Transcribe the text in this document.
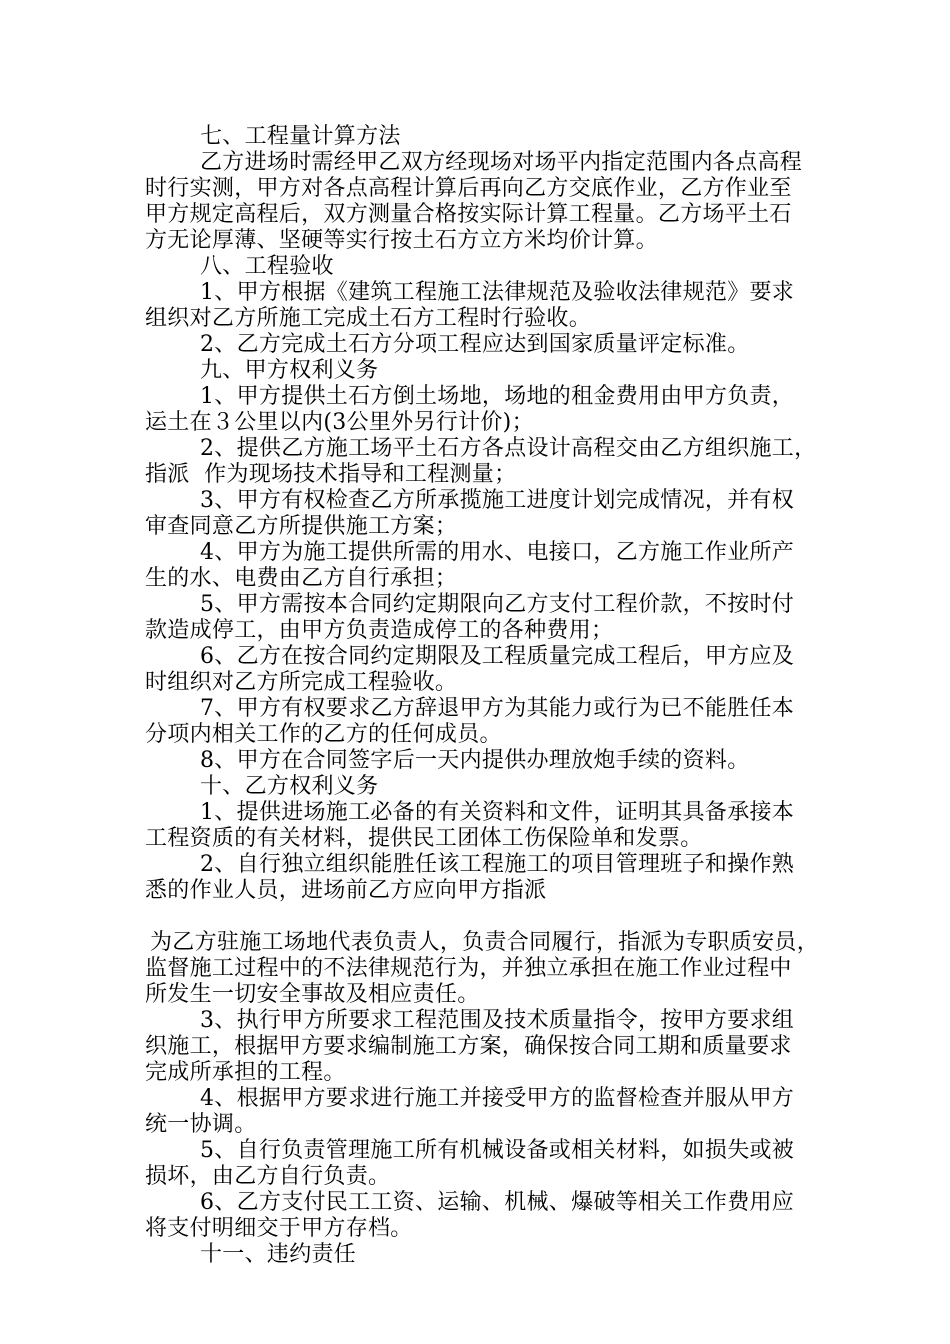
七、工程量计算方法
乙方进场时需经甲乙双方经现场对场平内指定范围内各点高程
时行实测，甲方对各点高程计算后再向乙方交底作业，乙方作业至
甲方规定高程后，双方测量合格按实际计算工程量。乙方场平土石
方无论厚薄、坚硬等实行按土石方立方米均价计算。
八、工程验收
1、甲方根据《建筑工程施工法律规范及验收法律规范》要求
组织对乙方所施工完成土石方工程时行验收。
2、乙方完成土石方分项工程应达到国家质量评定标准。
九、甲方权利义务
1、甲方提供土石方倒土场地，场地的租金费用由甲方负责，
运土在３公里以内(3公里外另行计价)；
2、提供乙方施工场平土石方各点设计高程交由乙方组织施工，
指派  作为现场技术指导和工程测量；
3、甲方有权检查乙方所承揽施工进度计划完成情况，并有权
审查同意乙方所提供施工方案；
4、甲方为施工提供所需的用水、电接口，乙方施工作业所产
生的水、电费由乙方自行承担；
5、甲方需按本合同约定期限向乙方支付工程价款，不按时付
款造成停工，由甲方负责造成停工的各种费用；
6、乙方在按合同约定期限及工程质量完成工程后，甲方应及
时组织对乙方所完成工程验收。
7、甲方有权要求乙方辞退甲方为其能力或行为已不能胜任本
分项内相关工作的乙方的任何成员。
8、甲方在合同签字后一天内提供办理放炮手续的资料。
十、乙方权利义务
1、提供进场施工必备的有关资料和文件，证明其具备承接本
工程资质的有关材料，提供民工团体工伤保险单和发票。
2、自行独立组织能胜任该工程施工的项目管理班子和操作熟
悉的作业人员，进场前乙方应向甲方指派
为乙方驻施工场地代表负责人，负责合同履行，指派为专职质安员，
监督施工过程中的不法律规范行为，并独立承担在施工作业过程中
所发生一切安全事故及相应责任。
3、执行甲方所要求工程范围及技术质量指令，按甲方要求组
织施工，根据甲方要求编制施工方案，确保按合同工期和质量要求
完成所承担的工程。
4、根据甲方要求进行施工并接受甲方的监督检查并服从甲方
统一协调。
5、自行负责管理施工所有机械设备或相关材料，如损失或被
损坏，由乙方自行负责。
6、乙方支付民工工资、运输、机械、爆破等相关工作费用应
将支付明细交于甲方存档。
十一、违约责任
